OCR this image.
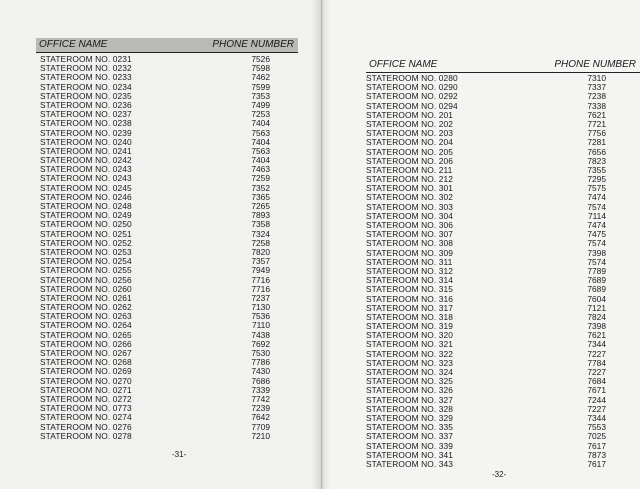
OFFICE NAME	PHONE NUMBER
STATEROOM NO. 0231	7526
STATEROOM NO. 0232	7598
STATEROOM NO. 0233	7462
STATEROOM NO. 0234	7599
STATEROOM NO. 0235	7353
STATEROOM NO. 0236	7499
STATEROOM NO. 0237	7253
STATEROOM NO. 0238	7404
STATEROOM NO. 0239	7563
STATEROOM NO. 0240	7404
STATEROOM NO. 0241	7563
STATEROOM NO. 0242	7404
STATEROOM NO. 0243	7463
STATEROOM NO. 0243	7259
STATEROOM NO. 0245	7352
STATEROOM NO. 0246	7365
STATEROOM NO. 0248	7265
STATEROOM NO. 0249	7893
STATEROOM NO. 0250	7358
STATEROOM NO. 0251	7324
STATEROOM NO. 0252	7258
STATEROOM NO. 0253	7820
STATEROOM NO. 0254	7357
STATEROOM NO. 0255	7949
STATEROOM NO. 0256	7716
STATEROOM NO. 0260	7716
STATEROOM NO. 0261	7237
STATEROOM NO. 0262	7130
STATEROOM NO. 0263	7536
STATEROOM NO. 0264	7110
STATEROOM NO. 0265	7438
STATEROOM NO. 0266	7692
STATEROOM NO. 0267	7530
STATEROOM NO. 0268	7786
STATEROOM NO. 0269	7430
STATEROOM NO. 0270	7686
STATEROOM NO. 0271	7339
STATEROOM NO. 0272	7742
STATEROOM NO. 0773	7239
STATEROOM NO. 0274	7642
STATEROOM NO. 0276	7709
STATEROOM NO. 0278	7210
-31-
OFFICE NAME	PHONE NUMBER
STATEROOM NO. 0280	7310
STATEROOM NO. 0290	7337
STATEROOM NO. 0292	7238
STATEROOM NO. 0294	7338
STATEROOM NO. 201	7621
STATEROOM NO. 202	7721
STATEROOM NO. 203	7756
STATEROOM NO. 204	7281
STATEROOM NO. 205	7656
STATEROOM NO. 206	7823
STATEROOM NO. 211	7355
STATEROOM NO. 212	7295
STATEROOM NO. 301	7575
STATEROOM NO. 302	7474
STATEROOM NO. 303	7574
STATEROOM NO. 304	7114
STATEROOM NO. 306	7474
STATEROOM NO. 307	7475
STATEROOM NO. 308	7574
STATEROOM NO. 309	7398
STATEROOM NO. 311	7574
STATEROOM NO. 312	7789
STATEROOM NO. 314	7689
STATEROOM NO. 315	7689
STATEROOM NO. 316	7604
STATEROOM NO. 317	7121
STATEROOM NO. 318	7824
STATEROOM NO. 319	7398
STATEROOM NO. 320	7621
STATEROOM NO. 321	7344
STATEROOM NO. 322	7227
STATEROOM NO. 323	7784
STATEROOM NO. 324	7227
STATEROOM NO. 325	7684
STATEROOM NO. 326	7671
STATEROOM NO. 327	7244
STATEROOM NO. 328	7227
STATEROOM NO. 329	7344
STATEROOM NO. 335	7553
STATEROOM NO. 337	7025
STATEROOM NO. 339	7617
STATEROOM NO. 341	7873
STATEROOM NO. 343	7617
-32-
